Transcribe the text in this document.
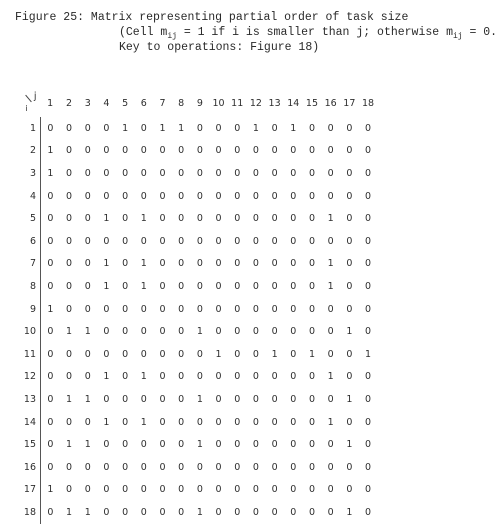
Figure 25: Matrix representing partial order of task size
(Cell $m_{ij} = 1$ if i is smaller than j; otherwise $m_{ij} = 0$.
Key to operations: Figure 18)
j
i	1	2	3	4	5	6	7	8	9	10	11	12	13	14	15	16	17	18
1	0	0	0	0	1	0	1	1	0	0	0	1	0	1	0	0	0	0
2	1	0	0	0	0	0	0	0	0	0	0	0	0	0	0	0	0	0
3	1	0	0	0	0	0	0	0	0	0	0	0	0	0	0	0	0	0
4	0	0	0	0	0	0	0	0	0	0	0	0	0	0	0	0	0	0
5	0	0	0	1	0	1	0	0	0	0	0	0	0	0	0	1	0	0
6	0	0	0	0	0	0	0	0	0	0	0	0	0	0	0	0	0	0
7	0	0	0	1	0	1	0	0	0	0	0	0	0	0	0	1	0	0
8	0	0	0	1	0	1	0	0	0	0	0	0	0	0	0	1	0	0
9	1	0	0	0	0	0	0	0	0	0	0	0	0	0	0	0	0	0
10	0	1	1	0	0	0	0	0	1	0	0	0	0	0	0	0	1	0
11	0	0	0	0	0	0	0	0	0	1	0	0	1	0	1	0	0	1
12	0	0	0	1	0	1	0	0	0	0	0	0	0	0	0	1	0	0
13	0	1	1	0	0	0	0	0	1	0	0	0	0	0	0	0	1	0
14	0	0	0	1	0	1	0	0	0	0	0	0	0	0	0	1	0	0
15	0	1	1	0	0	0	0	0	1	0	0	0	0	0	0	0	1	0
16	0	0	0	0	0	0	0	0	0	0	0	0	0	0	0	0	0	0
17	1	0	0	0	0	0	0	0	0	0	0	0	0	0	0	0	0	0
18	0	1	1	0	0	0	0	0	1	0	0	0	0	0	0	0	1	0
